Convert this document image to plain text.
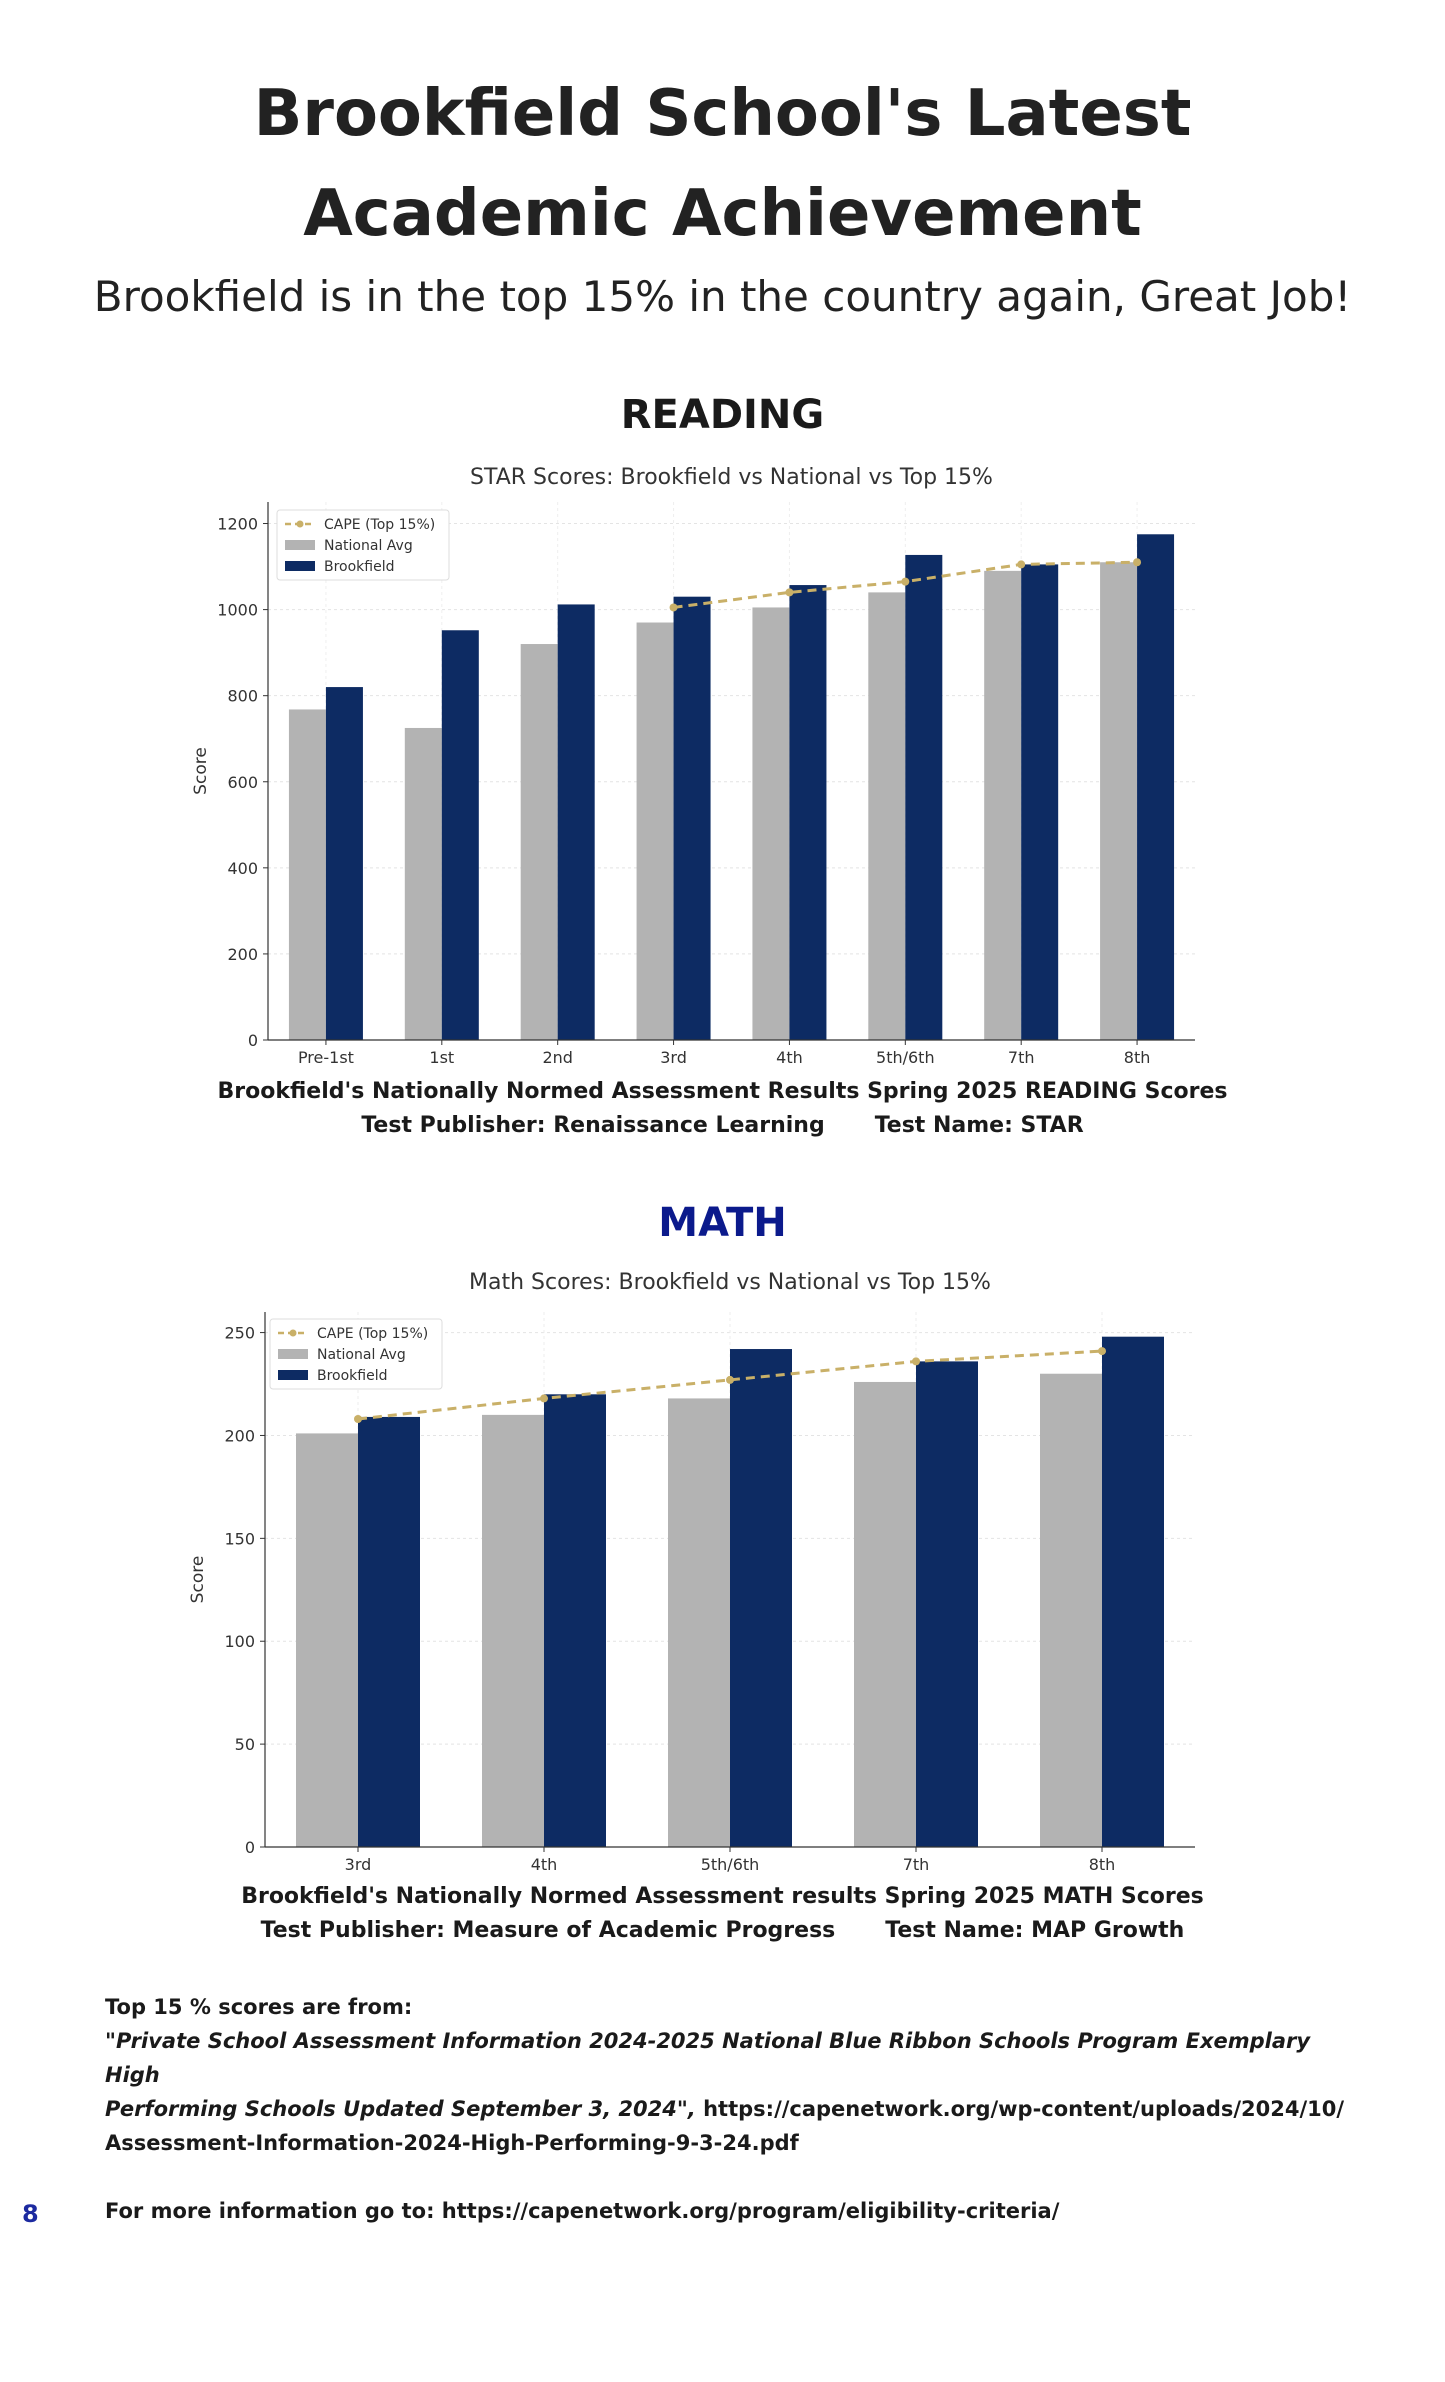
Brookfield School's Latest
Academic Achievement
Brookfield is in the top 15% in the country again, Great Job!
READING
STAR Scores: Brookfield vs National vs Top 15%
0
200
400
600
800
1000
1200
Pre-1st	1st	2nd	3rd	4th	5th/6th	7th	8th
Score
CAPE (Top 15%)
National Avg
Brookfield
Brookfield's Nationally Normed Assessment Results Spring 2025 READING Scores
Test Publisher: Renaissance Learning Test Name: STAR
MATH
Math Scores: Brookfield vs National vs Top 15%
0
50
100
150
200
250
3rd	4th	5th/6th	7th	8th
Score
CAPE (Top 15%)
National Avg
Brookfield
Brookfield's Nationally Normed Assessment results Spring 2025 MATH Scores
Test Publisher: Measure of Academic Progress Test Name: MAP Growth
Top 15 % scores are from:
"Private School Assessment Information 2024-2025 National Blue Ribbon Schools Program Exemplary High
Performing Schools Updated September 3, 2024", https://capenetwork.org/wp-content/uploads/2024/10/
Assessment-Information-2024-High-Performing-9-3-24.pdf
For more information go to: https://capenetwork.org/program/eligibility-criteria/
8
